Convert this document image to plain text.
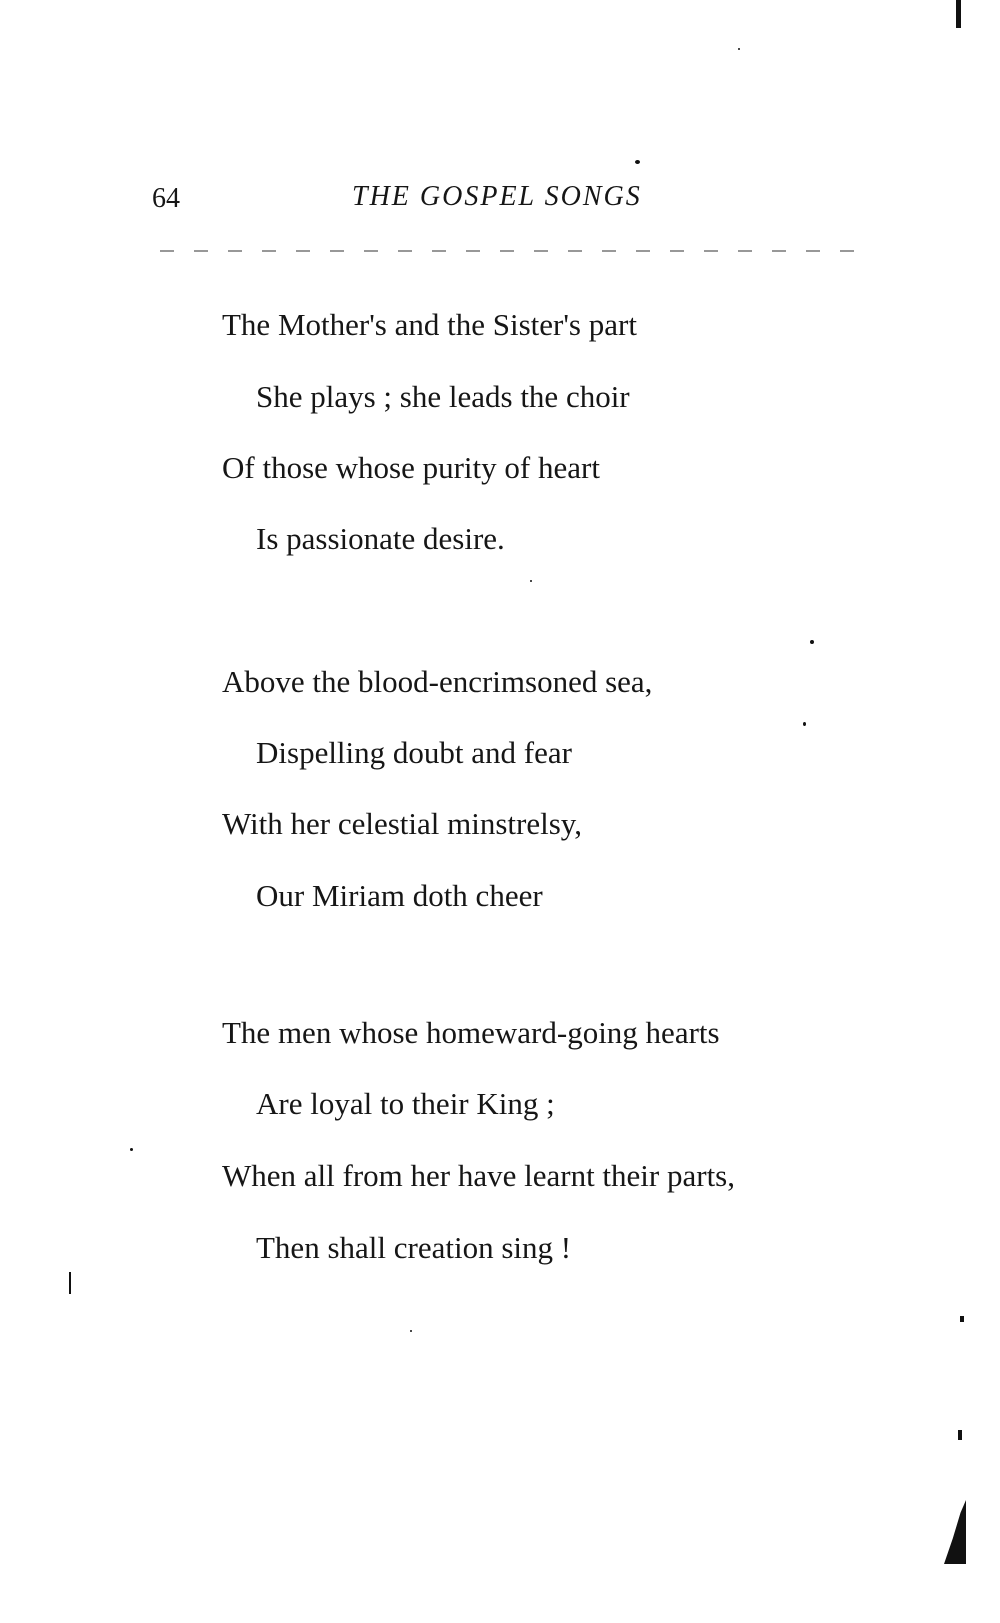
64	THE GOSPEL SONGS
The Mother's and the Sister's part
She plays ; she leads the choir
Of those whose purity of heart
Is passionate desire.
Above the blood-encrimsoned sea,
Dispelling doubt and fear
With her celestial minstrelsy,
Our Miriam doth cheer
The men whose homeward-going hearts
Are loyal to their King ;
When all from her have learnt their parts,
Then shall creation sing !
